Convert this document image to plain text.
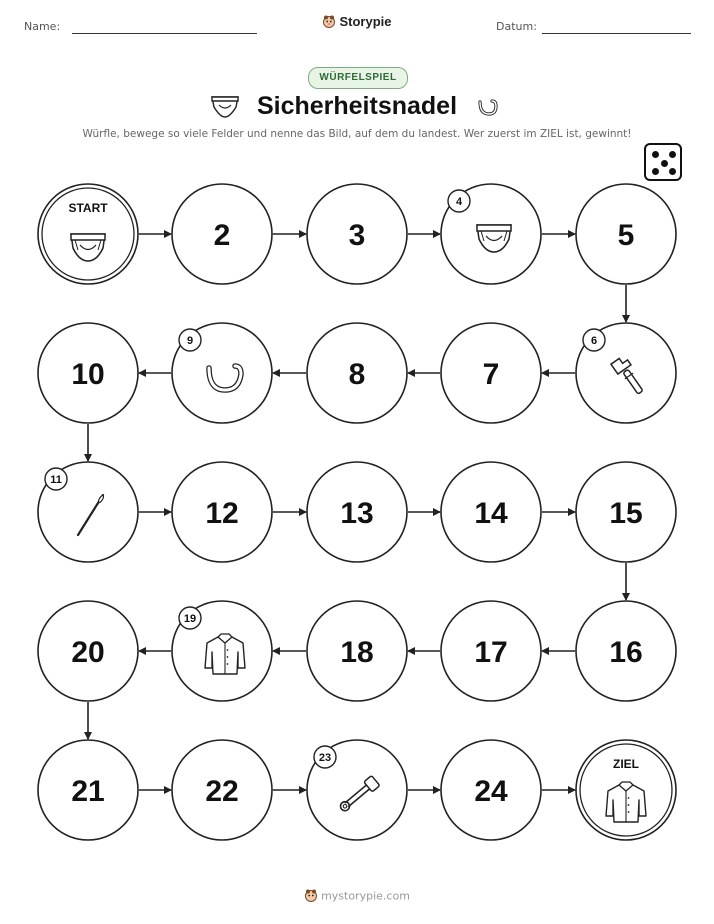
Name:	Storypie	Datum:
WÜRFELSPIEL
Sicherheitsnadel
Würfle, bewege so viele Felder und nenne das Bild, auf dem du landest. Wer zuerst im ZIEL ist, gewinnt!
START
2	3
4
5
6
7
8
9
10
11
12	13	14	15
16
17
18
19
20
21	22
23
24
ZIEL
mystorypie.com
